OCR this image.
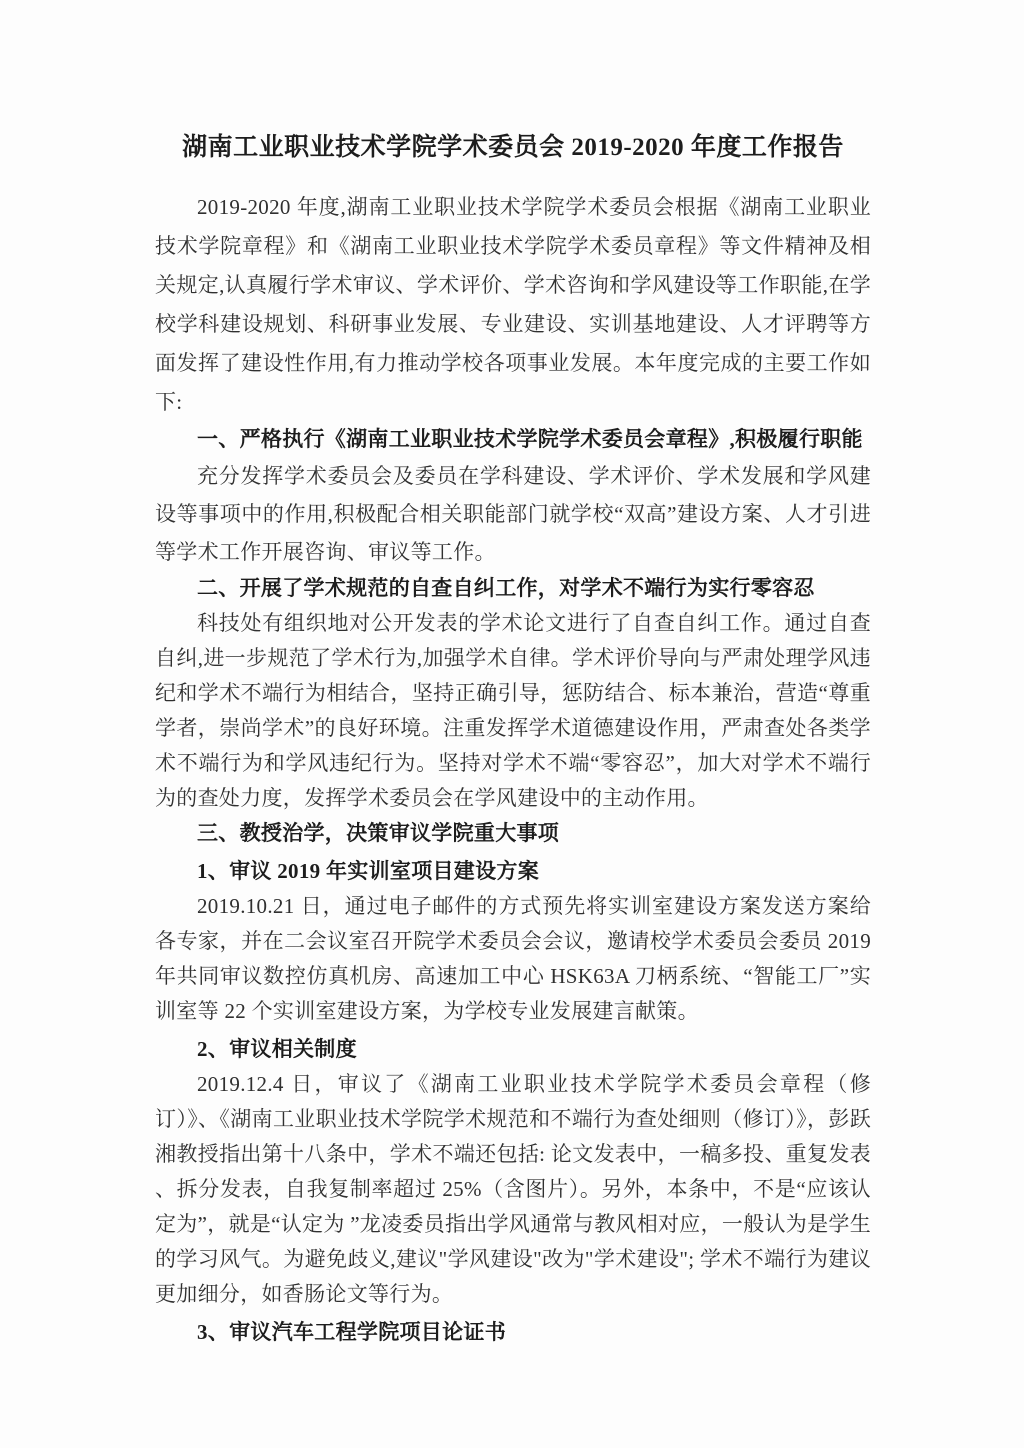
湖南工业职业技术学院学术委员会 2019-2020 年度工作报告

2019-2020 年度,湖南工业职业技术学院学术委员会根据《湖南工业职业技术学院章程》和《湖南工业职业技术学院学术委员章程》等文件精神及相关规定,认真履行学术审议、学术评价、学术咨询和学风建设等工作职能,在学校学科建设规划、科研事业发展、专业建设、实训基地建设、人才评聘等方面发挥了建设性作用,有力推动学校各项事业发展。本年度完成的主要工作如下:

一、严格执行《湖南工业职业技术学院学术委员会章程》,积极履行职能

充分发挥学术委员会及委员在学科建设、学术评价、学术发展和学风建设等事项中的作用,积极配合相关职能部门就学校“双高”建设方案、人才引进等学术工作开展咨询、审议等工作。

二、开展了学术规范的自查自纠工作，对学术不端行为实行零容忍

科技处有组织地对公开发表的学术论文进行了自查自纠工作。通过自查自纠,进一步规范了学术行为,加强学术自律。学术评价导向与严肃处理学风违纪和学术不端行为相结合，坚持正确引导，惩防结合、标本兼治，营造“尊重学者，崇尚学术”的良好环境。注重发挥学术道德建设作用，严肃查处各类学术不端行为和学风违纪行为。坚持对学术不端“零容忍”，加大对学术不端行为的查处力度，发挥学术委员会在学风建设中的主动作用。

三、教授治学，决策审议学院重大事项

1、审议 2019 年实训室项目建设方案

2019.10.21 日，通过电子邮件的方式预先将实训室建设方案发送方案给各专家，并在二会议室召开院学术委员会会议，邀请校学术委员会委员 2019 年共同审议数控仿真机房、高速加工中心 HSK63A 刀柄系统、“智能工厂”实训室等 22 个实训室建设方案，为学校专业发展建言献策。

2、审议相关制度

2019.12.4 日，审议了《湖南工业职业技术学院学术委员会章程（修订）》、《湖南工业职业技术学院学术规范和不端行为查处细则（修订）》，彭跃湘教授指出第十八条中，学术不端还包括: 论文发表中，一稿多投、重复发表 、拆分发表，自我复制率超过 25%（含图片）。另外，本条中，不是“应该认定为”，就是“认定为 ”龙凌委员指出学风通常与教风相对应，一般认为是学生的学习风气。为避免歧义,建议"学风建设"改为"学术建设"; 学术不端行为建议更加细分，如香肠论文等行为。

3、审议汽车工程学院项目论证书
